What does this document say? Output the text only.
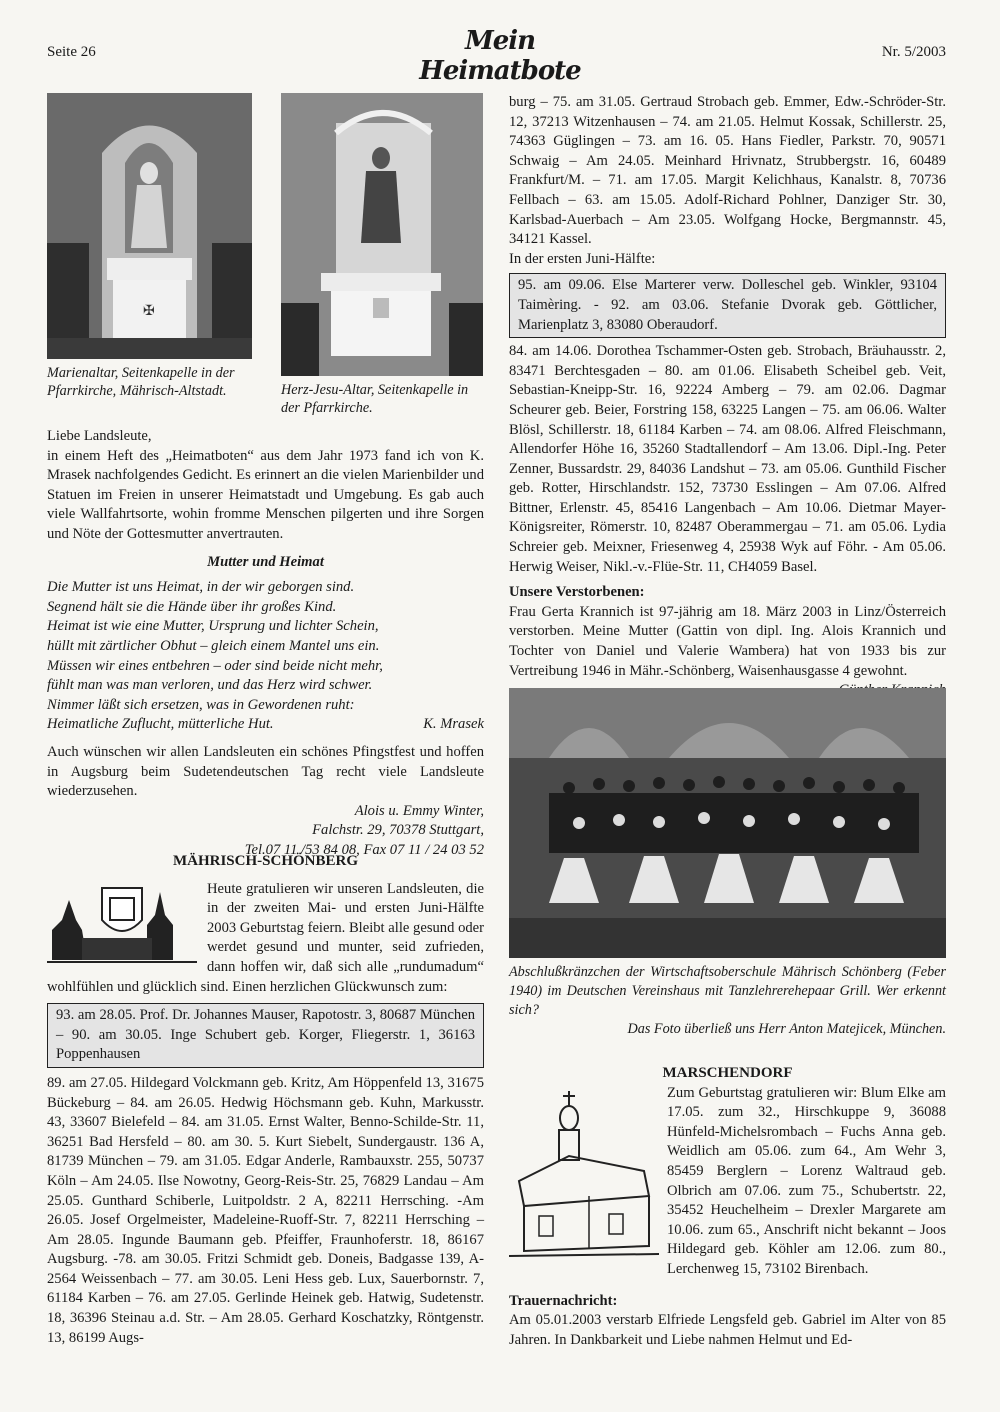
Seite 26	Mein Heimatbote
Nr. 5/2003
✠
Marienaltar, Seitenkapelle in der Pfarrkirche, Mährisch-Altstadt.	Herz-Jesu-Altar, Seitenkapelle in der Pfarrkirche.

Liebe Landsleute,

in einem Heft des „Heimatboten“ aus dem Jahr 1973 fand ich von K. Mrasek nachfolgendes Gedicht. Es erinnert an die vielen Marienbilder und Statuen im Freien in unserer Heimatstadt und Umgebung. Es gab auch viele Wallfahrtsorte, wohin fromme Menschen pilgerten und ihre Sorgen und Nöte der Gottesmutter anvertrauten.

Mutter und Heimat

Die Mutter ist uns Heimat, in der wir geborgen sind.
Segnend hält sie die Hände über ihr großes Kind.
Heimat ist wie eine Mutter, Ursprung und lichter Schein,
hüllt mit zärtlicher Obhut – gleich einem Mantel uns ein.
Müssen wir eines entbehren – oder sind beide nicht mehr,
fühlt man was man verloren, und das Herz wird schwer.
Nimmer läßt sich ersetzen, was in Gewordenen ruht:
Heimatliche Zuflucht, mütterliche Hut.	K. Mrasek

Auch wünschen wir allen Landsleuten ein schönes Pfingstfest und hoffen in Augsburg beim Sudetendeutschen Tag recht viele Landsleute wiederzusehen.

Alois u. Emmy Winter,

Falchstr. 29, 70378 Stuttgart,

Tel.07 11 /53 84 08, Fax 07 11 / 24 03 52

MÄHRISCH-SCHÖNBERG

Heute gratulieren wir unseren Landsleuten, die in der zweiten Mai- und ersten Juni-Hälfte 2003 Geburtstag feiern. Bleibt alle gesund oder werdet gesund und munter, seid zufrieden, dann hoffen wir, daß sich alle „rundumadum“ wohlfühlen und glücklich sind. Einen herzlichen Glückwunsch zum:

93. am 28.05. Prof. Dr. Johannes Mauser, Rapotostr. 3, 80687 München – 90. am 30.05. Inge Schubert geb. Korger, Fliegerstr. 1, 36163 Poppenhausen

89. am 27.05. Hildegard Volckmann geb. Kritz, Am Höppenfeld 13, 31675 Bückeburg – 84. am 26.05. Hedwig Höchsmann geb. Kuhn, Markusstr. 43, 33607 Bielefeld – 84. am 31.05. Ernst Walter, Benno-Schilde-Str. 11, 36251 Bad Hersfeld – 80. am 30. 5. Kurt Siebelt, Sundergaustr. 136 A, 81739 München – 79. am 31.05. Edgar Anderle, Rambauxstr. 255, 50737 Köln – Am 24.05. Ilse Nowotny, Georg-Reis-Str. 25, 76829 Landau – Am 25.05. Gunthard Schiberle, Luitpoldstr. 2 A, 82211 Herrsching. -Am 26.05. Josef Orgelmeister, Madeleine-Ruoff-Str. 7, 82211 Herrsching – Am 28.05. Ingunde Baumann geb. Pfeiffer, Fraunhoferstr. 18, 86167 Augsburg. -78. am 30.05. Fritzi Schmidt geb. Doneis, Badgasse 139, A-2564 Weissenbach – 77. am 30.05. Leni Hess geb. Lux, Sauerbornstr. 7, 61184 Karben – 76. am 27.05. Gerlinde Heinek geb. Hatwig, Sudetenstr. 18, 36396 Steinau a.d. Str. – Am 28.05. Gerhard Koschatzky, Röntgenstr. 13, 86199 Augs-

burg – 75. am 31.05. Gertraud Strobach geb. Emmer, Edw.-Schröder-Str. 12, 37213 Witzenhausen – 74. am 21.05. Helmut Kossak, Schillerstr. 25, 74363 Güglingen – 73. am 16. 05. Hans Fiedler, Parkstr. 70, 90571 Schwaig – Am 24.05. Meinhard Hrivnatz, Strubbergstr. 16, 60489 Frankfurt/M. – 71. am 17.05. Margit Kelichhaus, Kanalstr. 8, 70736 Fellbach – 63. am 15.05. Adolf-Richard Pohlner, Danziger Str. 30, Karlsbad-Auerbach – Am 23.05. Wolfgang Hocke, Bergmannstr. 45, 34121 Kassel.

In der ersten Juni-Hälfte:

95. am 09.06. Else Marterer verw. Dolleschel geb. Winkler, 93104 Taimèring. - 92. am 03.06. Stefanie Dvorak geb. Göttlicher, Marienplatz 3, 83080 Oberaudorf.

84. am 14.06. Dorothea Tschammer-Osten geb. Strobach, Bräuhausstr. 2, 83471 Berchtesgaden – 80. am 01.06. Elisabeth Scheibel geb. Veit, Sebastian-Kneipp-Str. 16, 92224 Amberg – 79. am 02.06. Dagmar Scheurer geb. Beier, Forstring 158, 63225 Langen – 75. am 06.06. Walter Blösl, Schillerstr. 18, 61184 Karben – 74. am 08.06. Alfred Fleischmann, Allendorfer Höhe 16, 35260 Stadtallendorf – Am 13.06. Dipl.-Ing. Peter Zenner, Bussardstr. 29, 84036 Landshut – 73. am 05.06. Gunthild Fischer geb. Rotter, Hirschlandstr. 152, 73730 Esslingen – Am 07.06. Alfred Bittner, Erlenstr. 45, 85416 Langenbach – Am 10.06. Dietmar Mayer-Königsreiter, Römerstr. 10, 82487 Oberammergau – 71. am 05.06. Lydia Schreier geb. Meixner, Friesenweg 4, 25938 Wyk auf Föhr. - Am 05.06. Herwig Weiser, Nikl.-v.-Flüe-Str. 11, CH4059 Basel.

Unsere Verstorbenen:

Frau Gerta Krannich ist 97-jährig am 18. März 2003 in Linz/Österreich verstorben. Meine Mutter (Gattin von dipl. Ing. Alois Krannich und Tochter von Daniel und Valerie Wambera) hat von 1933 bis zur Vertreibung 1946 in Mähr.-Schönberg, Waisenhausgasse 4 gewohnt.

Abschlußkränzchen der Wirtschaftsoberschule Mährisch Schönberg (Feber 1940) im Deutschen Vereinshaus mit Tanzlehrerehepaar Grill. Wer erkennt sich?

Das Foto überließ uns Herr Anton Matejicek, München.

MARSCHENDORF

Zum Geburtstag gratulieren wir: Blum Elke am 17.05. zum 32., Hirschkuppe 9, 36088 Hünfeld-Michelsrombach – Fuchs Anna geb. Weidlich am 05.06. zum 64., Am Wehr 3, 85459 Berglern – Lorenz Waltraud geb. Olbrich am 07.06. zum 75., Schubertstr. 22, 35452 Heuchelheim – Drexler Margarete am 10.06. zum 65., Anschrift nicht bekannt – Joos Hildegard geb. Köhler am 12.06. zum 80., Lerchenweg 15, 73102 Birenbach.

Trauernachricht:

Am 05.01.2003 verstarb Elfriede Lengsfeld geb. Gabriel im Alter von 85 Jahren. In Dankbarkeit und Liebe nahmen Helmut und Ed-
